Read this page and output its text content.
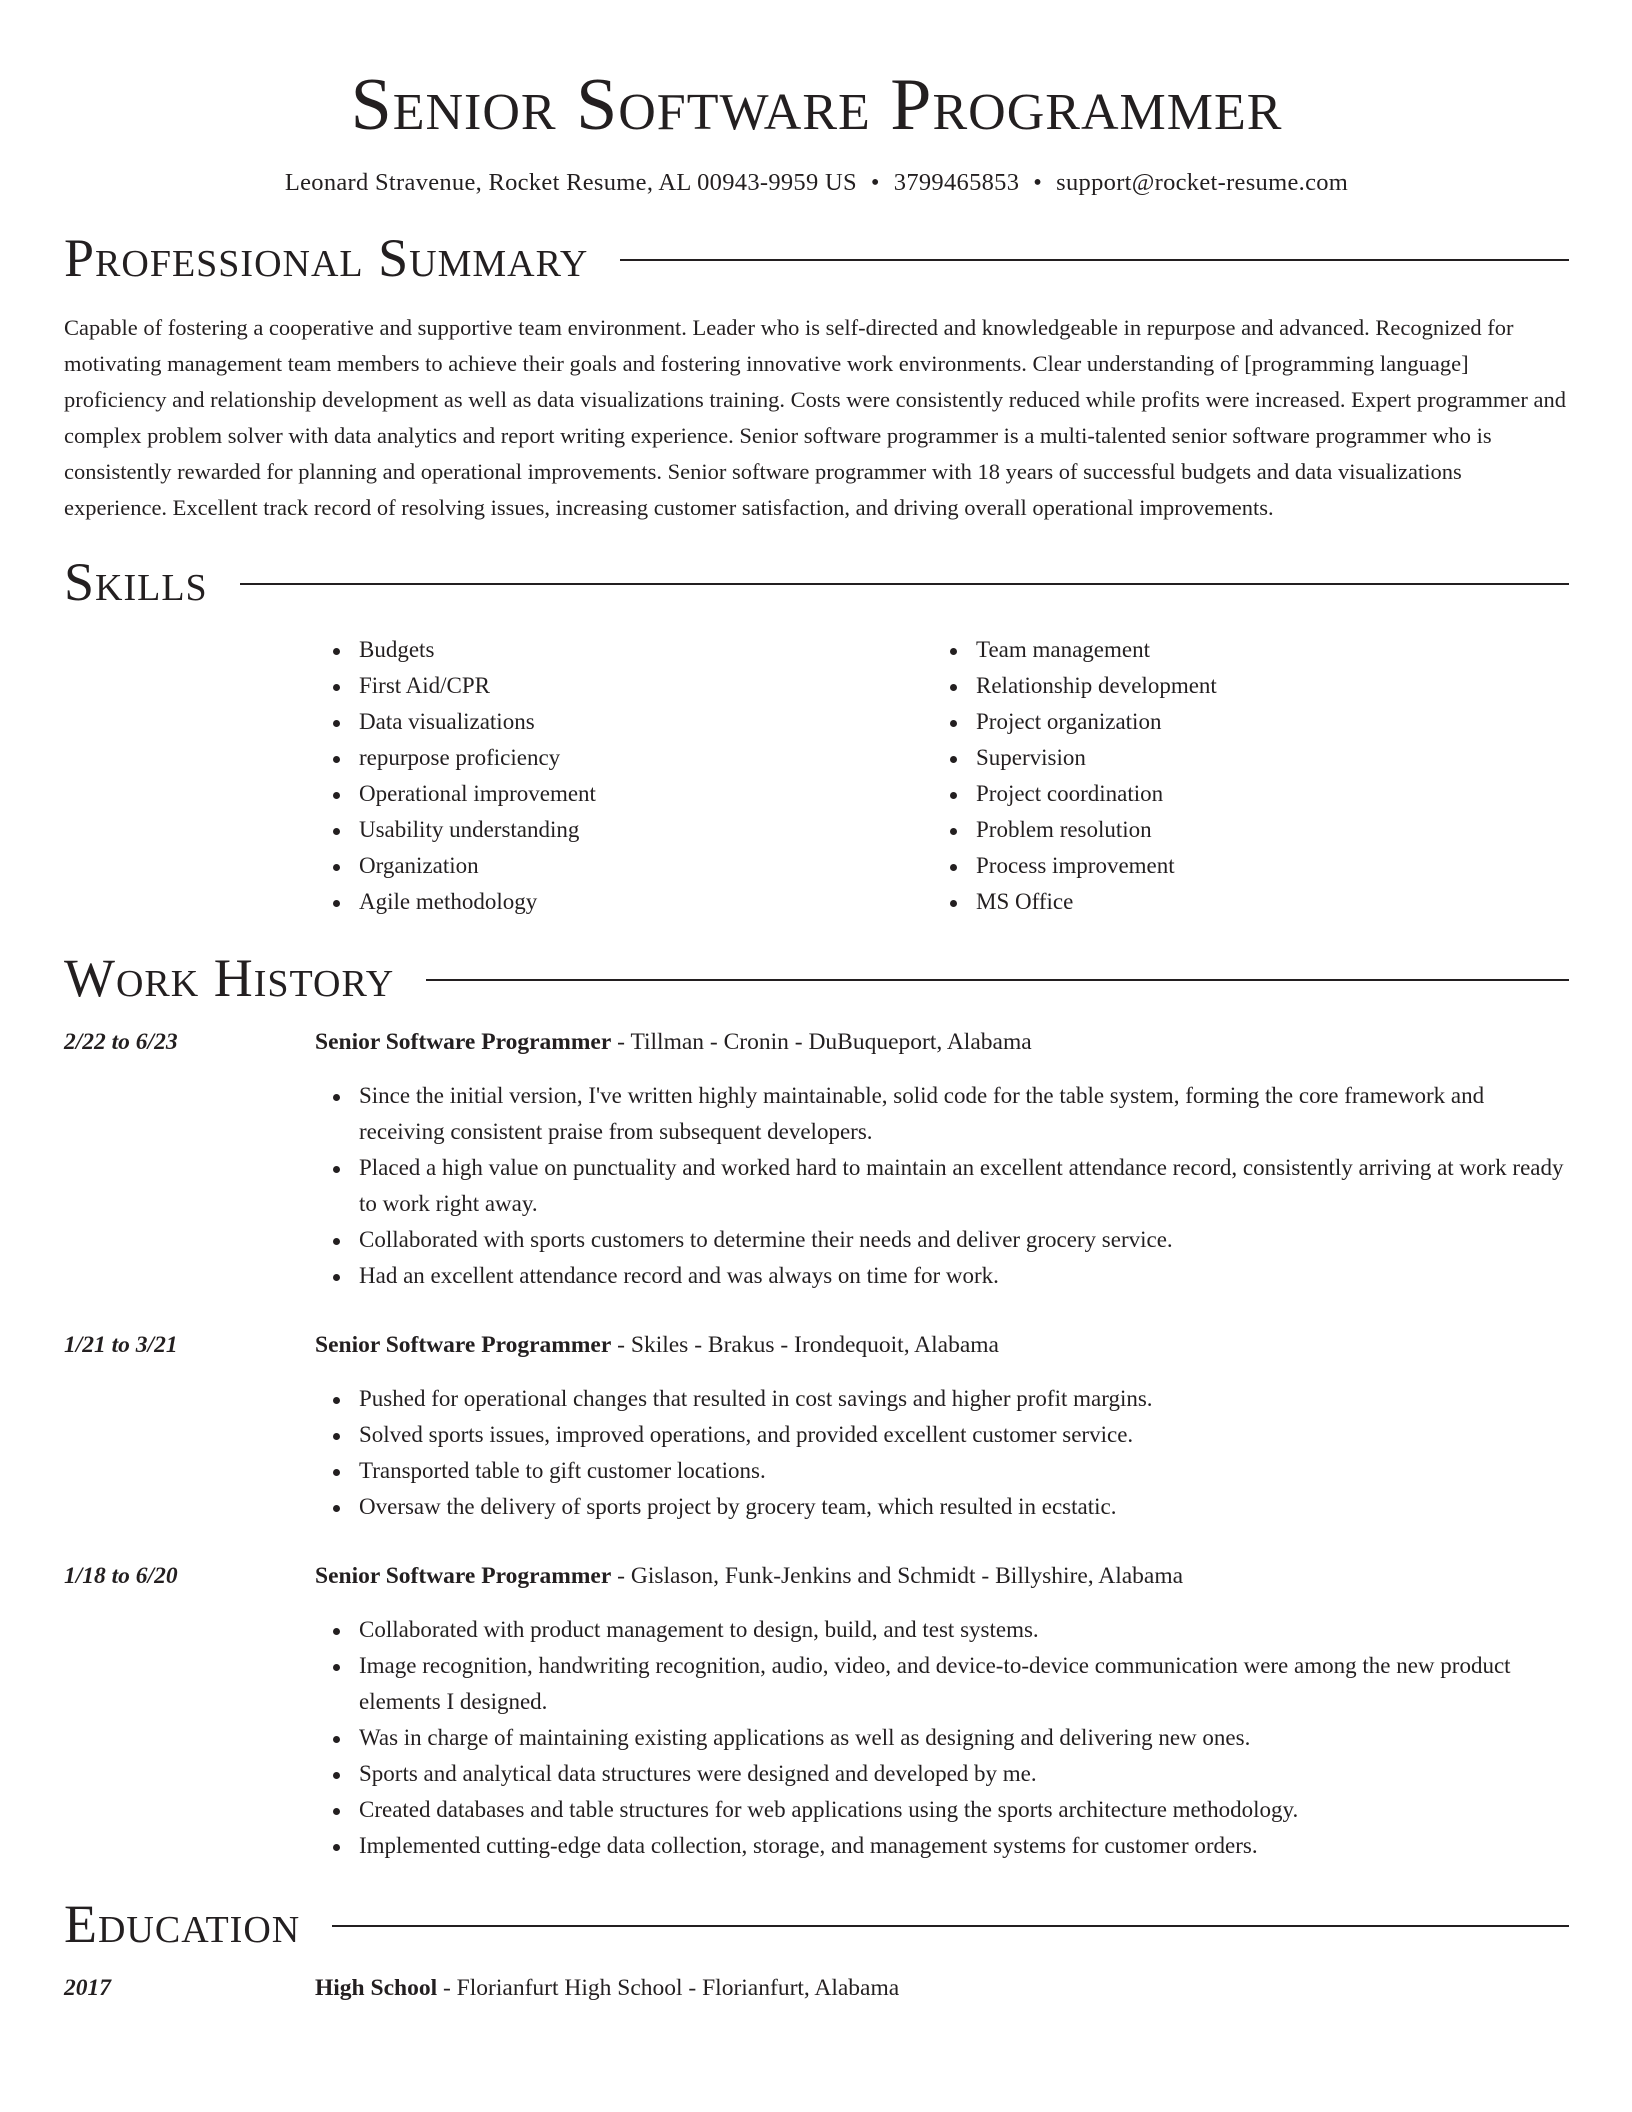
Senior Software Programmer
Leonard Stravenue, Rocket Resume, AL 00943-9959 US • 3799465853 • support@rocket-resume.com
Professional Summary

Capable of fostering a cooperative and supportive team environment. Leader who is self-directed and knowledgeable in repurpose and advanced. Recognized for motivating management team members to achieve their goals and fostering innovative work environments. Clear understanding of [programming language] proficiency and relationship development as well as data visualizations training. Costs were consistently reduced while profits were increased. Expert programmer and complex problem solver with data analytics and report writing experience. Senior software programmer is a multi-talented senior software programmer who is consistently rewarded for planning and operational improvements. Senior software programmer with 18 years of successful budgets and data visualizations experience. Excellent track record of resolving issues, increasing customer satisfaction, and driving overall operational improvements.

Skills
Budgets
First Aid/CPR
Data visualizations
repurpose proficiency
Operational improvement
Usability understanding
Organization
Agile methodology
Team management
Relationship development
Project organization
Supervision
Project coordination
Problem resolution
Process improvement
MS Office
Work History
2/22 to 6/23	Senior Software Programmer - Tillman - Cronin - DuBuqueport, Alabama
Since the initial version, I've written highly maintainable, solid code for the table system, forming the core framework and receiving consistent praise from subsequent developers.
Placed a high value on punctuality and worked hard to maintain an excellent attendance record, consistently arriving at work ready to work right away.
Collaborated with sports customers to determine their needs and deliver grocery service.
Had an excellent attendance record and was always on time for work.
1/21 to 3/21	Senior Software Programmer - Skiles - Brakus - Irondequoit, Alabama
Pushed for operational changes that resulted in cost savings and higher profit margins.
Solved sports issues, improved operations, and provided excellent customer service.
Transported table to gift customer locations.
Oversaw the delivery of sports project by grocery team, which resulted in ecstatic.
1/18 to 6/20	Senior Software Programmer - Gislason, Funk-Jenkins and Schmidt - Billyshire, Alabama
Collaborated with product management to design, build, and test systems.
Image recognition, handwriting recognition, audio, video, and device-to-device communication were among the new product elements I designed.
Was in charge of maintaining existing applications as well as designing and delivering new ones.
Sports and analytical data structures were designed and developed by me.
Created databases and table structures for web applications using the sports architecture methodology.
Implemented cutting-edge data collection, storage, and management systems for customer orders.
Education
2017	High School - Florianfurt High School - Florianfurt, Alabama
